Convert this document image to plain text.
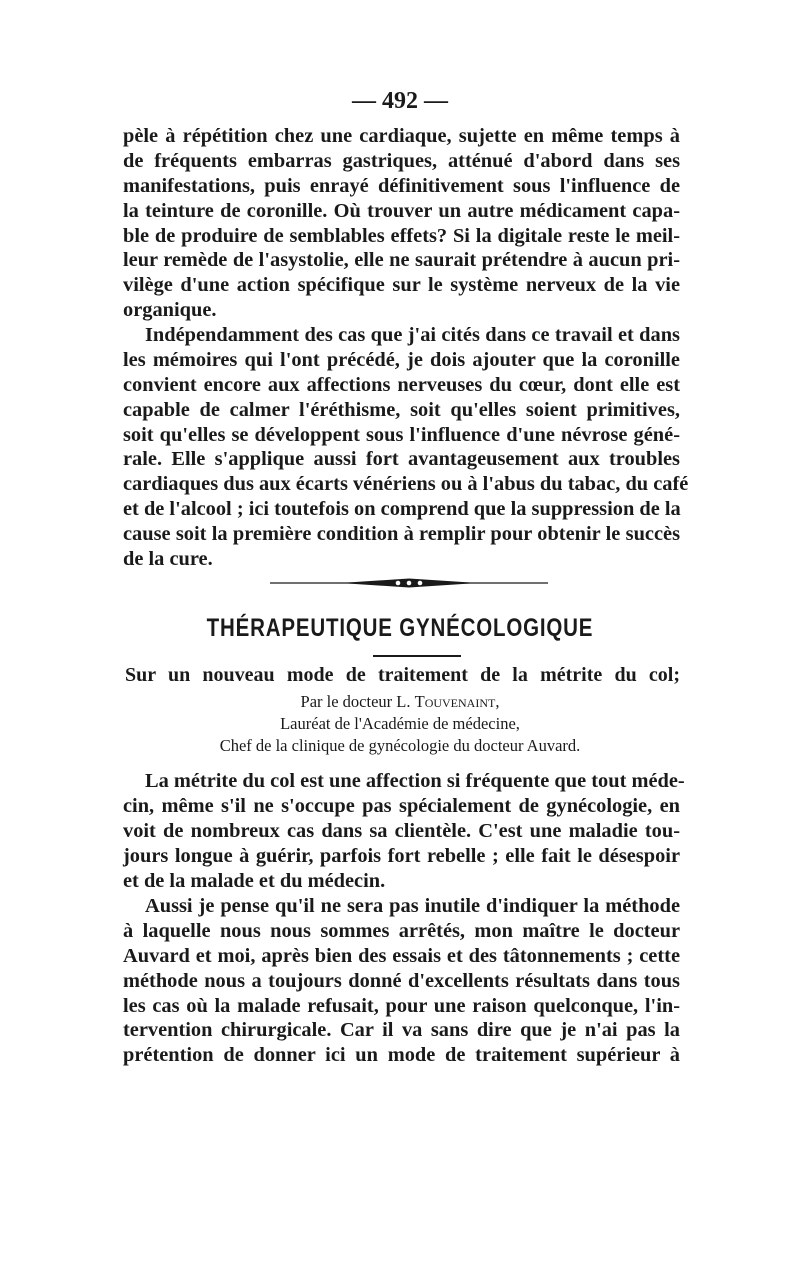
— 492 —
pèle à répétition chez une cardiaque, sujette en même temps à
de fréquents embarras gastriques, atténué d'abord dans ses
manifestations, puis enrayé définitivement sous l'influence de
la teinture de coronille. Où trouver un autre médicament capa-
ble de produire de semblables effets? Si la digitale reste le meil-
leur remède de l'asystolie, elle ne saurait prétendre à aucun pri-
vilège d'une action spécifique sur le système nerveux de la vie
organique.
Indépendamment des cas que j'ai cités dans ce travail et dans
les mémoires qui l'ont précédé, je dois ajouter que la coronille
convient encore aux affections nerveuses du cœur, dont elle est
capable de calmer l'éréthisme, soit qu'elles soient primitives,
soit qu'elles se développent sous l'influence d'une névrose géné-
rale. Elle s'applique aussi fort avantageusement aux troubles
cardiaques dus aux écarts vénériens ou à l'abus du tabac, du café
et de l'alcool ; ici toutefois on comprend que la suppression de la
cause soit la première condition à remplir pour obtenir le succès
de la cure.
THÉRAPEUTIQUE GYNÉCOLOGIQUE
Sur un nouveau mode de traitement de la métrite du col;
Par le docteur L. Touvenaint,
Lauréat de l'Académie de médecine,
Chef de la clinique de gynécologie du docteur Auvard.
La métrite du col est une affection si fréquente que tout méde-
cin, même s'il ne s'occupe pas spécialement de gynécologie, en
voit de nombreux cas dans sa clientèle. C'est une maladie tou-
jours longue à guérir, parfois fort rebelle ; elle fait le désespoir
et de la malade et du médecin.
Aussi je pense qu'il ne sera pas inutile d'indiquer la méthode
à laquelle nous nous sommes arrêtés, mon maître le docteur
Auvard et moi, après bien des essais et des tâtonnements ; cette
méthode nous a toujours donné d'excellents résultats dans tous
les cas où la malade refusait, pour une raison quelconque, l'in-
tervention chirurgicale. Car il va sans dire que je n'ai pas la
prétention de donner ici un mode de traitement supérieur à
